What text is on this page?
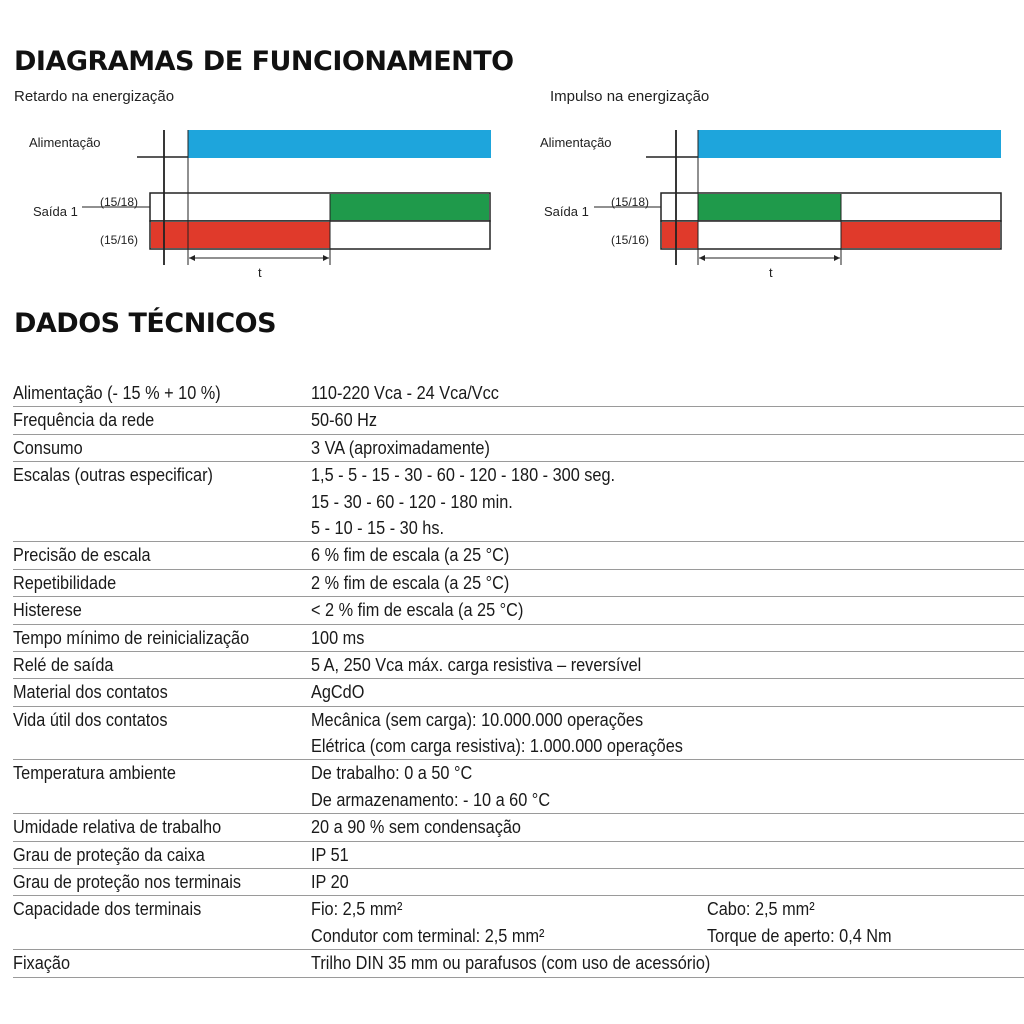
DIAGRAMAS DE FUNCIONAMENTO
Retardo na energização	Impulso na energização
Alimentação
Saída 1
(15/18)
(15/16)
t
Alimentação
Saída 1
(15/18)
(15/16)
t
DADOS TÉCNICOS
Alimentação (- 15 % + 10 %)	110-220 Vca - 24 Vca/Vcc
Frequência da rede	50-60 Hz
Consumo	3 VA (aproximadamente)
Escalas (outras especificar)	1,5 - 5 - 15 - 30 - 60 - 120 - 180 - 300 seg.
15 - 30 - 60 - 120 - 180 min.
5 - 10 - 15 - 30 hs.
Precisão de escala	6 % fim de escala (a 25 °C)
Repetibilidade	2 % fim de escala (a 25 °C)
Histerese	< 2 % fim de escala (a 25 °C)
Tempo mínimo de reinicialização	100 ms
Relé de saída	5 A, 250 Vca máx. carga resistiva – reversível
Material dos contatos	AgCdO
Vida útil dos contatos	Mecânica (sem carga): 10.000.000 operações
Elétrica (com carga resistiva): 1.000.000 operações
Temperatura ambiente	De trabalho: 0 a 50 °C
De armazenamento: - 10 a 60 °C
Umidade relativa de trabalho	20 a 90 % sem condensação
Grau de proteção da caixa	IP 51
Grau de proteção nos terminais	IP 20
Capacidade dos terminais	Fio: 2,5 mm²	Cabo: 2,5 mm²
Condutor com terminal: 2,5 mm²	Torque de aperto: 0,4 Nm
Fixação	Trilho DIN 35 mm ou parafusos (com uso de acessório)
